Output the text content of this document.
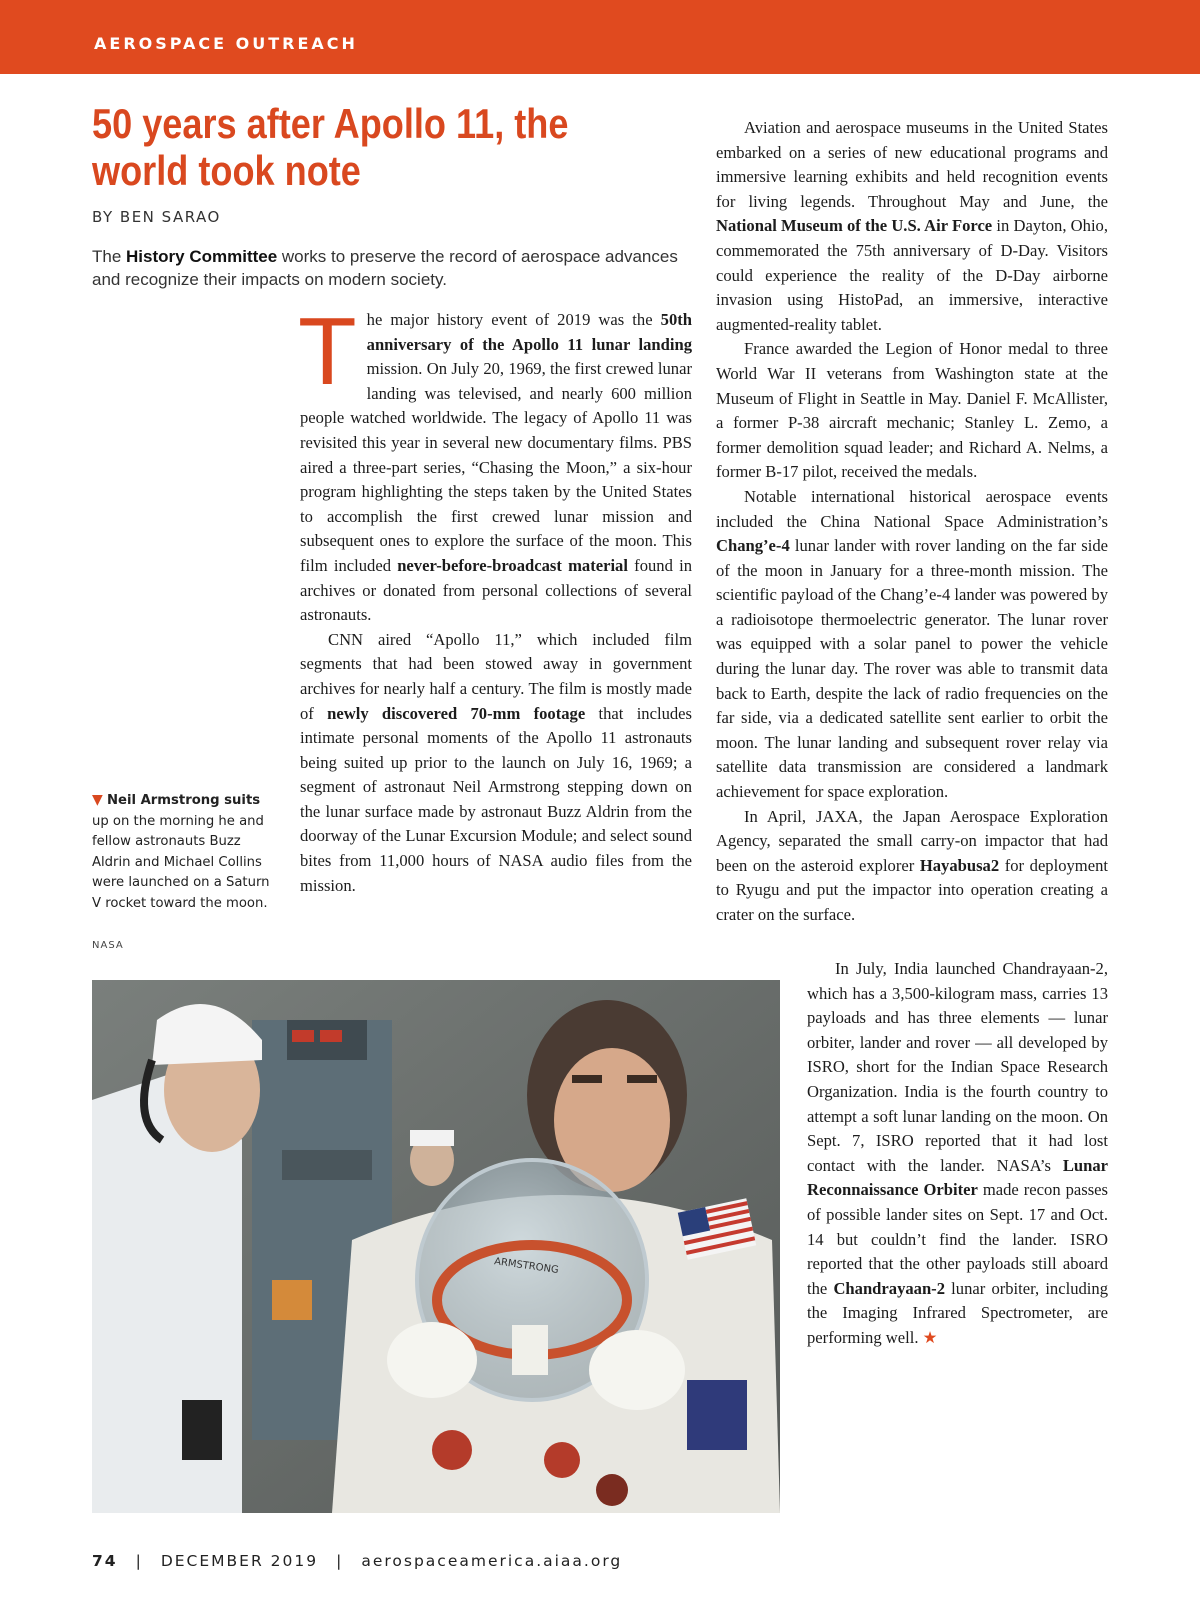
AEROSPACE OUTREACH
50 years after Apollo 11, the world took note
BY BEN SARAO
The History Committee works to preserve the record of aerospace advances and recognize their impacts on modern society.

The major history event of 2019 was the 50th anniversary of the Apollo 11 lunar landing mission. On July 20, 1969, the first crewed lunar landing was televised, and nearly 600 million people watched worldwide. The legacy of Apollo 11 was revisited this year in several new documentary films. PBS aired a three-part series, “Chasing the Moon,” a six-hour program highlighting the steps taken by the United States to accomplish the first crewed lunar mission and subsequent ones to explore the surface of the moon. This film included never-before-broadcast material found in archives or donated from personal collections of several astronauts.

CNN aired “Apollo 11,” which included film segments that had been stowed away in government archives for nearly half a century. The film is mostly made of newly discovered 70-mm footage that includes intimate personal moments of the Apollo 11 astronauts being suited up prior to the launch on July 16, 1969; a segment of astronaut Neil Armstrong stepping down on the lunar surface made by astronaut Buzz Aldrin from the doorway of the Lunar Excursion Module; and select sound bites from 11,000 hours of NASA audio files from the mission.

Aviation and aerospace museums in the United States embarked on a series of new educational programs and immersive learning exhibits and held recognition events for living legends. Throughout May and June, the National Museum of the U.S. Air Force in Dayton, Ohio, commemorated the 75th anniversary of D-Day. Visitors could experience the reality of the D-Day airborne invasion using HistoPad, an immersive, interactive augmented-reality tablet.

France awarded the Legion of Honor medal to three World War II veterans from Washington state at the Museum of Flight in Seattle in May. Daniel F. McAllister, a former P-38 aircraft mechanic; Stanley L. Zemo, a former demolition squad leader; and Richard A. Nelms, a former B-17 pilot, received the medals.

Notable international historical aerospace events included the China National Space Administration’s Chang’e-4 lunar lander with rover landing on the far side of the moon in January for a three-month mission. The scientific payload of the Chang’e-4 lander was powered by a radioisotope thermoelectric generator. The lunar rover was equipped with a solar panel to power the vehicle during the lunar day. The rover was able to transmit data back to Earth, despite the lack of radio frequencies on the far side, via a dedicated satellite sent earlier to orbit the moon. The lunar landing and subsequent rover relay via satellite data transmission are considered a landmark achievement for space exploration.

In April, JAXA, the Japan Aerospace Exploration Agency, separated the small carry-on impactor that had been on the asteroid explorer Hayabusa2 for deployment to Ryugu and put the impactor into operation creating a crater on the surface.

In July, India launched Chandrayaan-2, which has a 3,500-kilogram mass, carries 13 payloads and has three elements — lunar orbiter, lander and rover — all developed by ISRO, short for the Indian Space Research Organization. India is the fourth country to attempt a soft lunar landing on the moon. On Sept. 7, ISRO reported that it had lost contact with the lander. NASA’s Lunar Reconnaissance Orbiter made recon passes of possible lander sites on Sept. 17 and Oct. 14 but couldn’t find the lander. ISRO reported that the other payloads still aboard the Chandrayaan-2 lunar orbiter, including the Imaging Infrared Spectrometer, are performing well. ★

▼ Neil Armstrong suits up on the morning he and fellow astronauts Buzz Aldrin and Michael Collins were launched on a Saturn V rocket toward the moon.
NASA
ARMSTRONG
74 | DECEMBER 2019 | aerospaceamerica.aiaa.org
